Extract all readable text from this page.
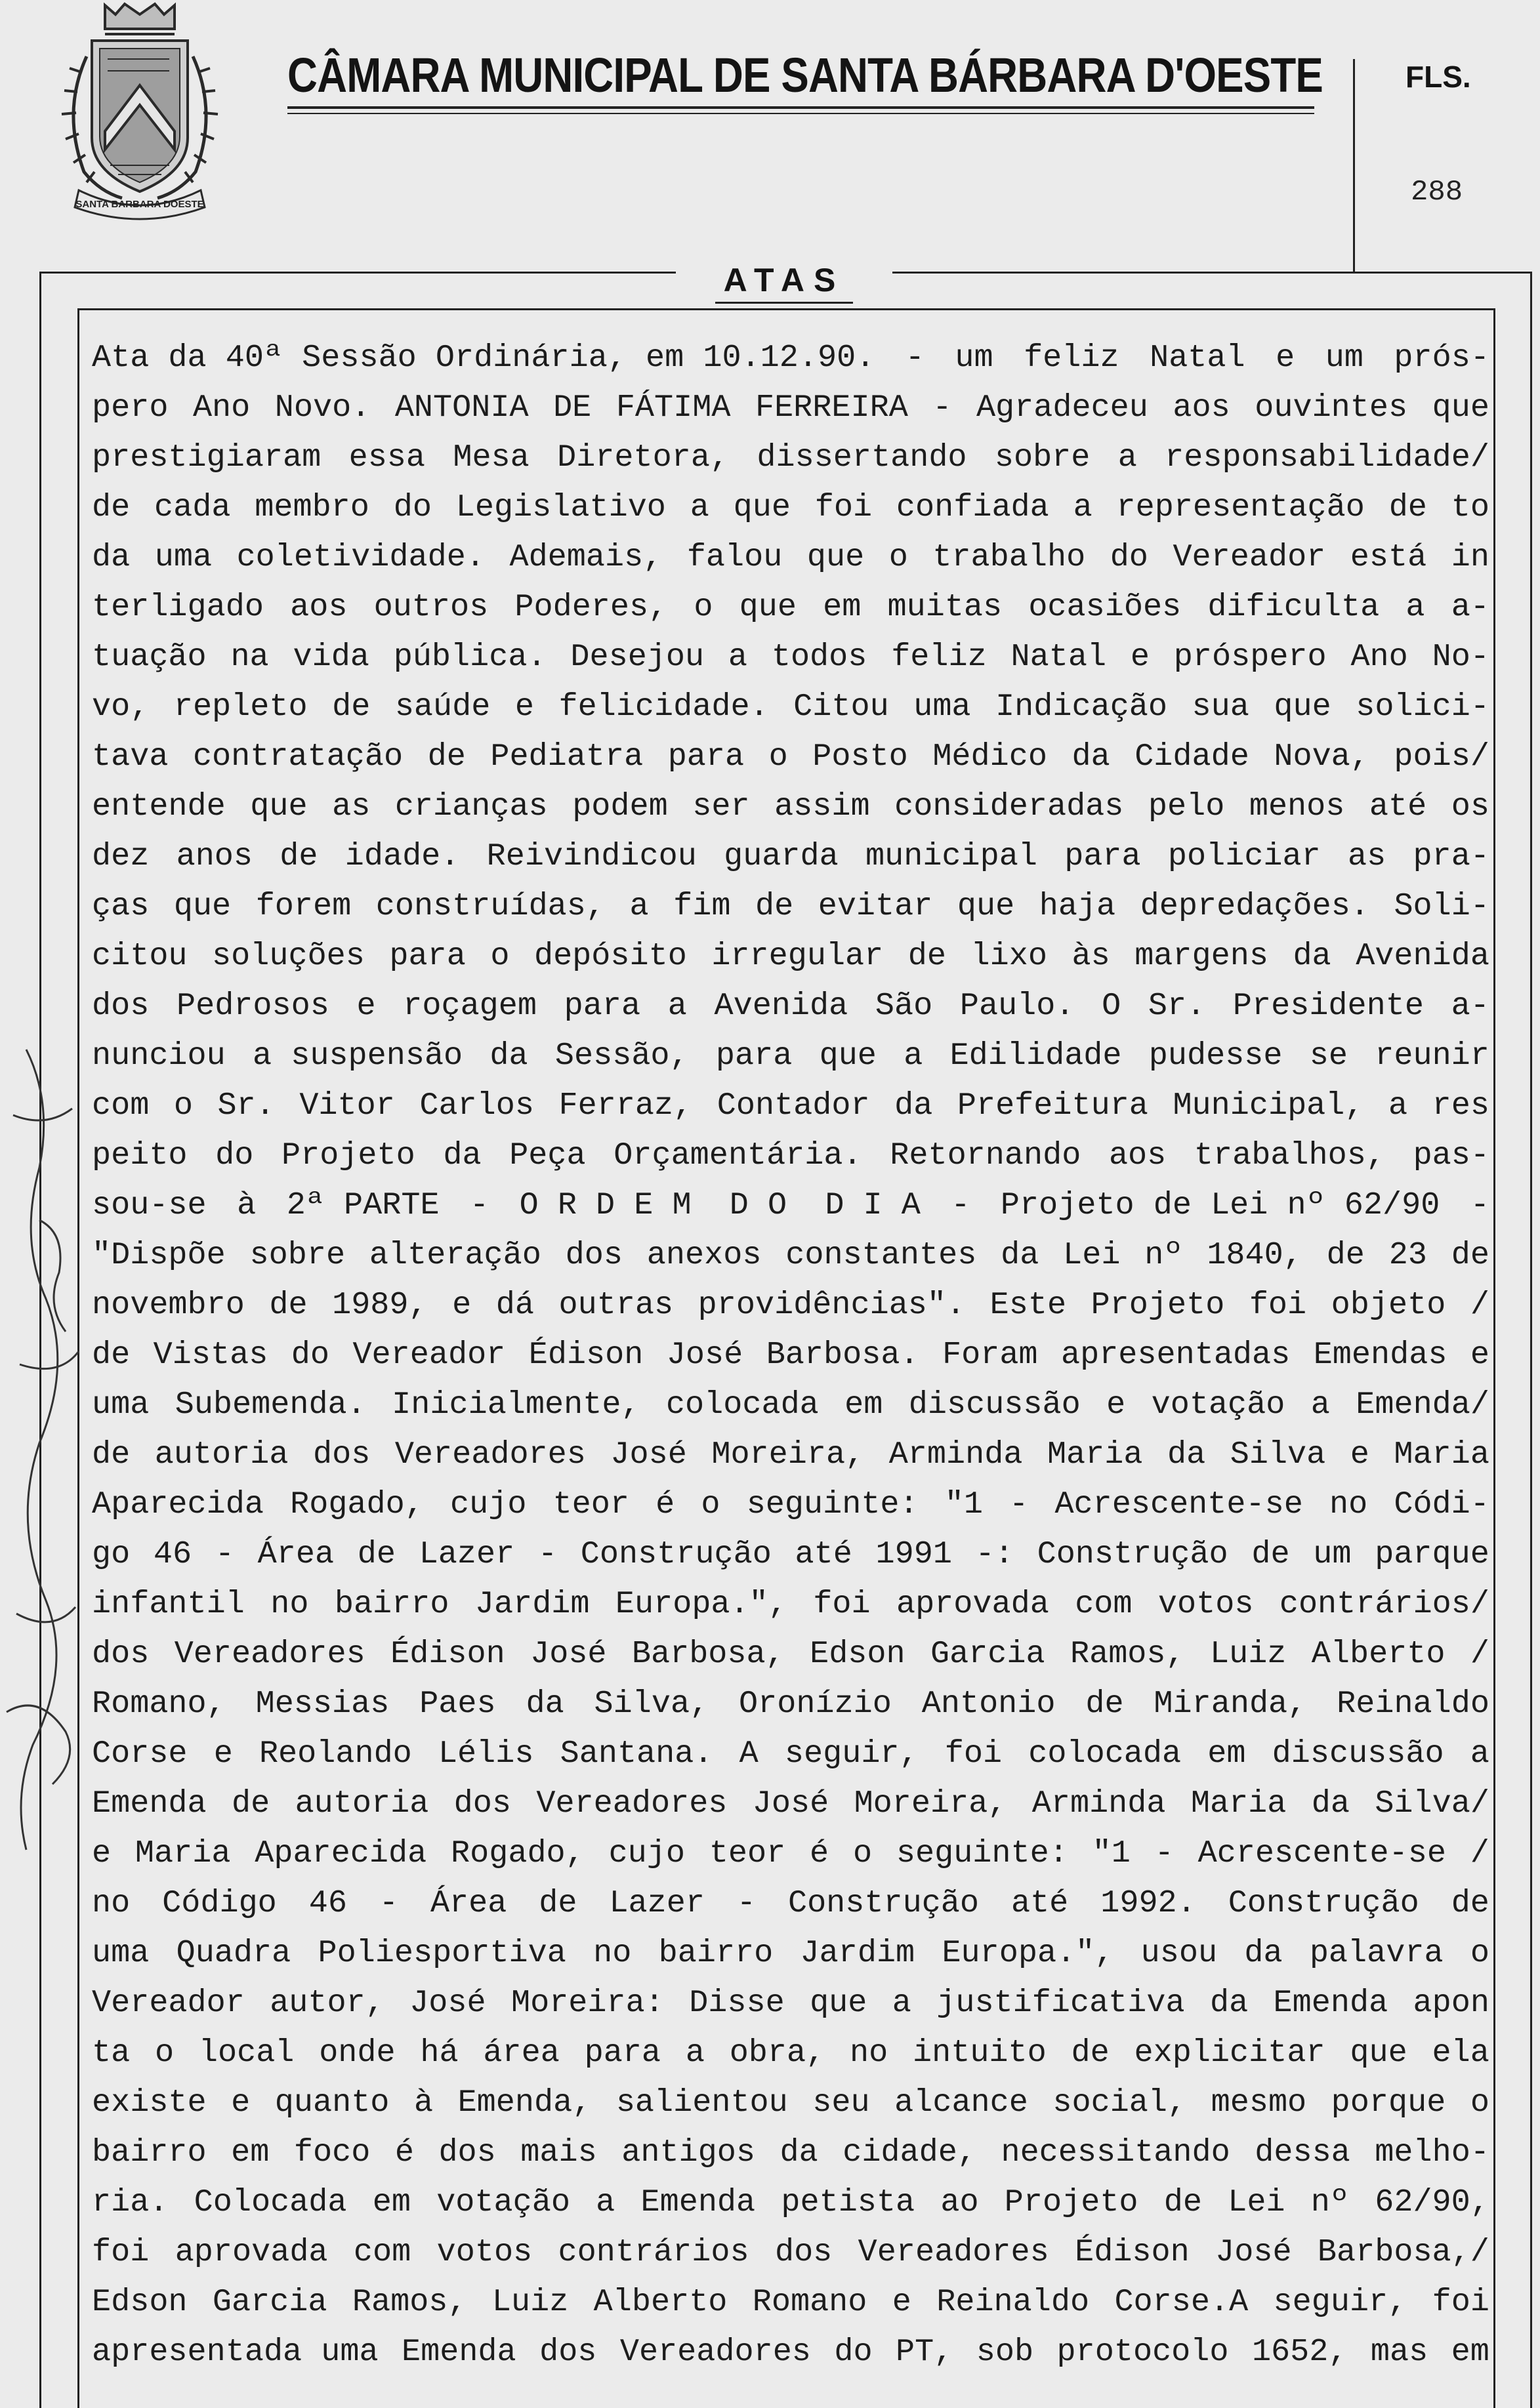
SANTA BARBARA DOESTE
CÂMARA MUNICIPAL DE SANTA BÁRBARA D'OESTE	FLS.
288
ATAS
Ata da 40ª Sessão Ordinária, em 10.12.90. - um feliz Natal e um prós-
pero Ano Novo. ANTONIA DE FÁTIMA FERREIRA - Agradeceu aos ouvintes que
prestigiaram essa Mesa Diretora, dissertando sobre a responsabilidade/
de cada membro do Legislativo a que foi confiada a representação de to
da uma coletividade. Ademais, falou que o trabalho do Vereador está in
terligado aos outros Poderes, o que em muitas ocasiões dificulta a a-
tuação na vida pública. Desejou a todos feliz Natal e próspero Ano No-
vo, repleto de saúde e felicidade. Citou uma Indicação sua que solici-
tava contratação de Pediatra para o Posto Médico da Cidade Nova, pois/
entende que as crianças podem ser assim consideradas pelo menos até os
dez anos de idade. Reivindicou guarda municipal para policiar as pra-
ças que forem construídas, a fim de evitar que haja depredações. Soli-
citou soluções para o depósito irregular de lixo às margens da Avenida
dos Pedrosos e roçagem para a Avenida São Paulo. O Sr. Presidente a-
nunciou a suspensão da Sessão, para que a Edilidade pudesse se reunir
com o Sr. Vitor Carlos Ferraz, Contador da Prefeitura Municipal, a res
peito do Projeto da Peça Orçamentária. Retornando aos trabalhos, pas-
sou-se à 2ª PARTE - O R D E M  D O  D I A - Projeto de Lei nº 62/90 -
"Dispõe sobre alteração dos anexos constantes da Lei nº 1840, de 23 de
novembro de 1989, e dá outras providências". Este Projeto foi objeto /
de Vistas do Vereador Édison José Barbosa. Foram apresentadas Emendas e
uma Subemenda. Inicialmente, colocada em discussão e votação a Emenda/
de autoria dos Vereadores José Moreira, Arminda Maria da Silva e Maria
Aparecida Rogado, cujo teor é o seguinte: "1 - Acrescente-se no Códi-
go 46 - Área de Lazer - Construção até 1991 -: Construção de um parque
infantil no bairro Jardim Europa.", foi aprovada com votos contrários/
dos Vereadores Édison José Barbosa, Edson Garcia Ramos, Luiz Alberto /
Romano, Messias Paes da Silva, Oronízio Antonio de Miranda, Reinaldo
Corse e Reolando Lélis Santana. A seguir, foi colocada em discussão a
Emenda de autoria dos Vereadores José Moreira, Arminda Maria da Silva/
e Maria Aparecida Rogado, cujo teor é o seguinte: "1 - Acrescente-se /
no Código 46 - Área de Lazer - Construção até 1992. Construção de
uma Quadra Poliesportiva no bairro Jardim Europa.", usou da palavra o
Vereador autor, José Moreira: Disse que a justificativa da Emenda apon
ta o local onde há área para a obra, no intuito de explicitar que ela
existe e quanto à Emenda, salientou seu alcance social, mesmo porque o
bairro em foco é dos mais antigos da cidade, necessitando dessa melho-
ria. Colocada em votação a Emenda petista ao Projeto de Lei nº 62/90,
foi aprovada com votos contrários dos Vereadores Édison José Barbosa,/
Edson Garcia Ramos, Luiz Alberto Romano e Reinaldo Corse.A seguir, foi
apresentada uma Emenda dos Vereadores do PT, sob protocolo 1652, mas em
